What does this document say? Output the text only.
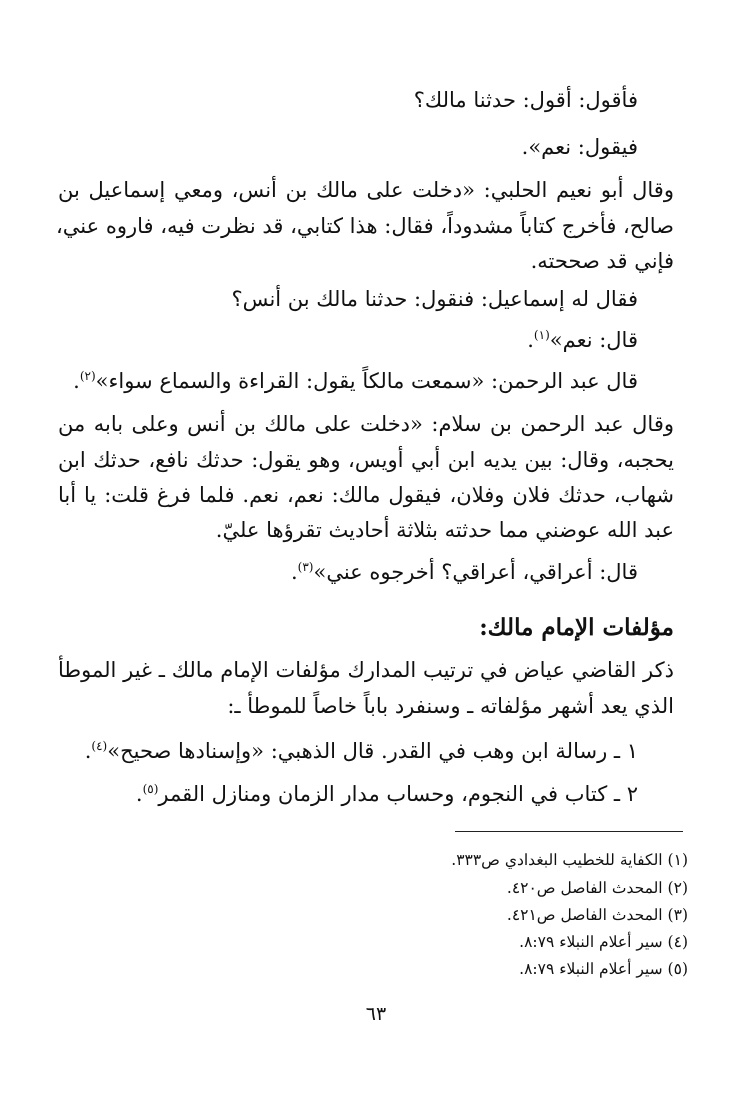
فأقول: أقول: حدثنا مالك؟
فيقول: نعم».
وقال أبو نعيم الحلبي: «دخلت على مالك بن أنس، ومعي إسماعيل بن
صالح، فأخرج كتاباً مشدوداً، فقال: هذا كتابي، قد نظرت فيه، فاروه عني،
فإني قد صححته.
فقال له إسماعيل: فنقول: حدثنا مالك بن أنس؟
قال: نعم»$^{(١)}$.
قال عبد الرحمن: «سمعت مالكاً يقول: القراءة والسماع سواء»$^{(٢)}$.
وقال عبد الرحمن بن سلام: «دخلت على مالك بن أنس وعلى بابه من
يحجبه، وقال: بين يديه ابن أبي أويس، وهو يقول: حدثك نافع، حدثك ابن
شهاب، حدثك فلان وفلان، فيقول مالك: نعم، نعم. فلما فرغ قلت: يا أبا
عبد الله عوضني مما حدثته بثلاثة أحاديث تقرؤها عليّ.
قال: أعراقي، أعراقي؟ أخرجوه عني»$^{(٣)}$.
مؤلفات الإمام مالك:
ذكر القاضي عياض في ترتيب المدارك مؤلفات الإمام مالك ـ غير الموطأ
الذي يعد أشهر مؤلفاته ـ وسنفرد باباً خاصاً للموطأ ـ:
١ ـ رسالة ابن وهب في القدر. قال الذهبي: «وإسنادها صحيح»$^{(٤)}$.
٢ ـ كتاب في النجوم، وحساب مدار الزمان ومنازل القمر$^{(٥)}$.
(١) الكفاية للخطيب البغدادي ص٣٣٣.
(٢) المحدث الفاصل ص٤٢٠.
(٣) المحدث الفاصل ص٤٢١.
(٤) سير أعلام النبلاء ٨:٧٩.
(٥) سير أعلام النبلاء ٨:٧٩.
٦٣
